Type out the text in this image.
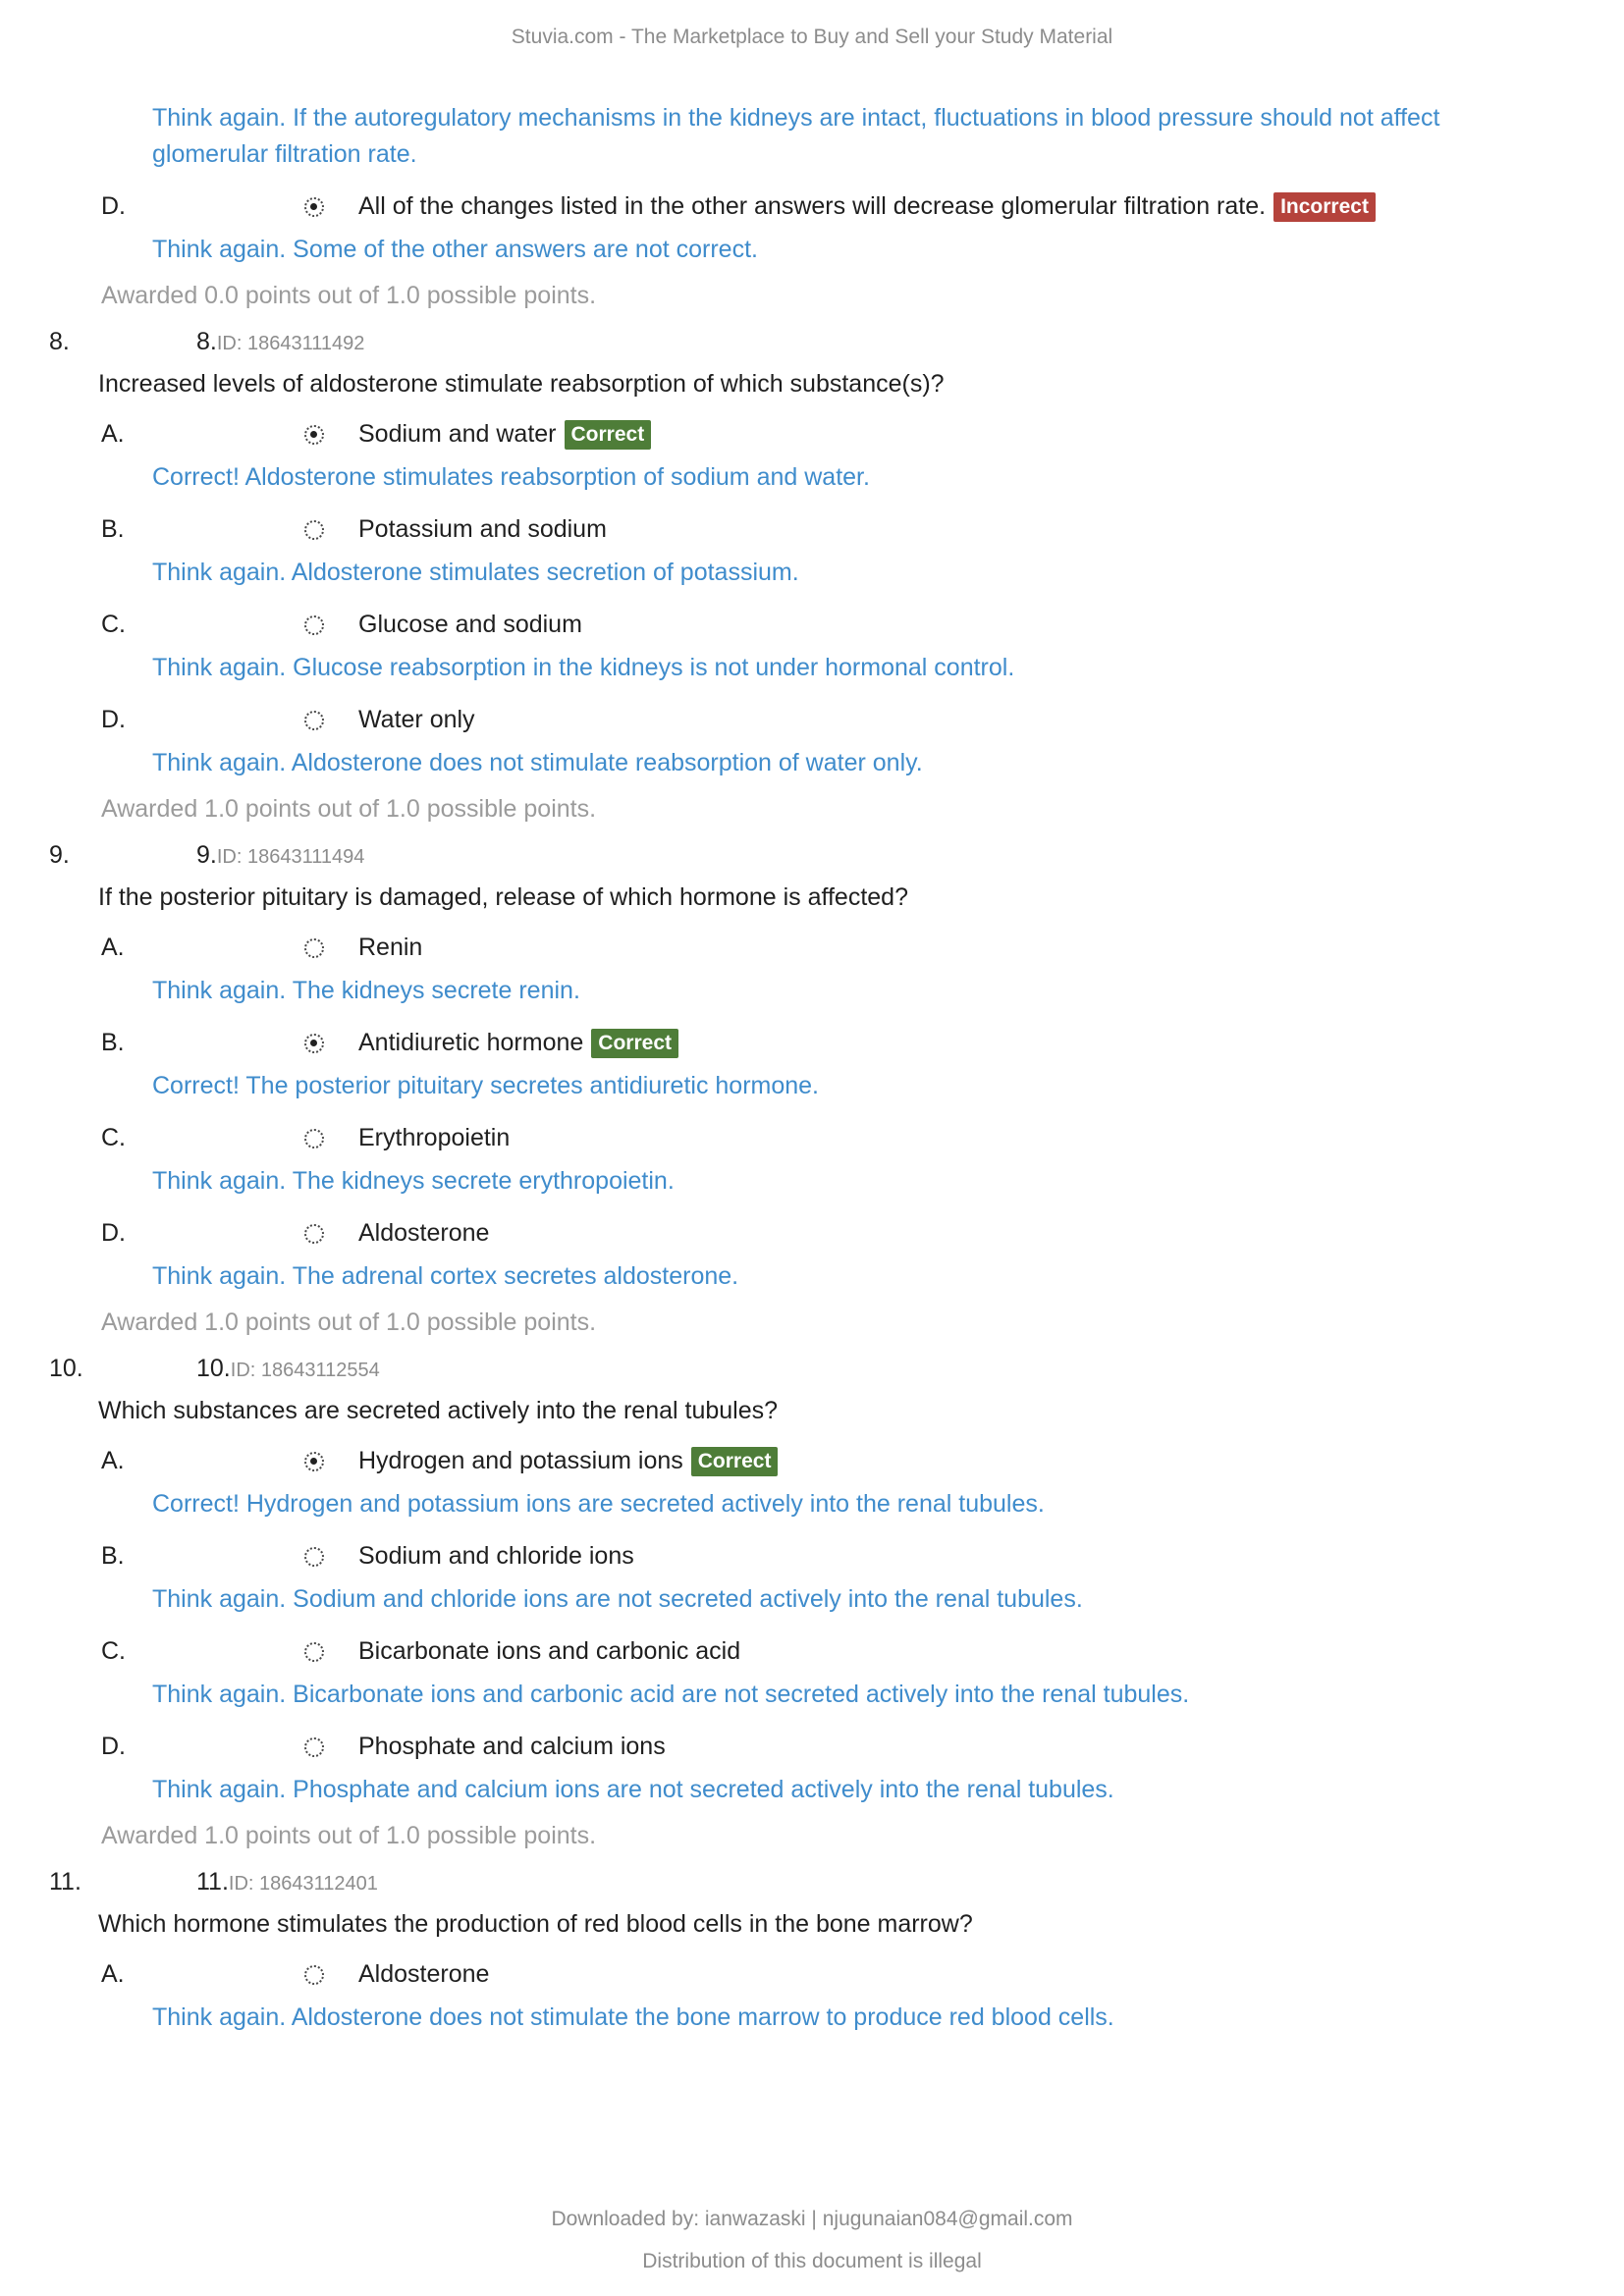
Stuvia.com - The Marketplace to Buy and Sell your Study Material
Think again. If the autoregulatory mechanisms in the kidneys are intact, fluctuations in blood pressure should not affect glomerular filtration rate.
D.	All of the changes listed in the other answers will decrease glomerular filtration rate. Incorrect
Think again. Some of the other answers are not correct.
Awarded 0.0 points out of 1.0 possible points.
8.	8. ID: 18643111492
Increased levels of aldosterone stimulate reabsorption of which substance(s)?
A.	Sodium and water Correct
Correct! Aldosterone stimulates reabsorption of sodium and water.
B.	Potassium and sodium
Think again. Aldosterone stimulates secretion of potassium.
C.	Glucose and sodium
Think again. Glucose reabsorption in the kidneys is not under hormonal control.
D.	Water only
Think again. Aldosterone does not stimulate reabsorption of water only.
Awarded 1.0 points out of 1.0 possible points.
9.	9. ID: 18643111494
If the posterior pituitary is damaged, release of which hormone is affected?
A.	Renin
Think again. The kidneys secrete renin.
B.	Antidiuretic hormone Correct
Correct! The posterior pituitary secretes antidiuretic hormone.
C.	Erythropoietin
Think again. The kidneys secrete erythropoietin.
D.	Aldosterone
Think again. The adrenal cortex secretes aldosterone.
Awarded 1.0 points out of 1.0 possible points.
10.	10. ID: 18643112554
Which substances are secreted actively into the renal tubules?
A.	Hydrogen and potassium ions Correct
Correct! Hydrogen and potassium ions are secreted actively into the renal tubules.
B.	Sodium and chloride ions
Think again. Sodium and chloride ions are not secreted actively into the renal tubules.
C.	Bicarbonate ions and carbonic acid
Think again. Bicarbonate ions and carbonic acid are not secreted actively into the renal tubules.
D.	Phosphate and calcium ions
Think again. Phosphate and calcium ions are not secreted actively into the renal tubules.
Awarded 1.0 points out of 1.0 possible points.
11.	11. ID: 18643112401
Which hormone stimulates the production of red blood cells in the bone marrow?
A.	Aldosterone
Think again. Aldosterone does not stimulate the bone marrow to produce red blood cells.
Downloaded by: ianwazaski | njugunaian084@gmail.com
Distribution of this document is illegal
